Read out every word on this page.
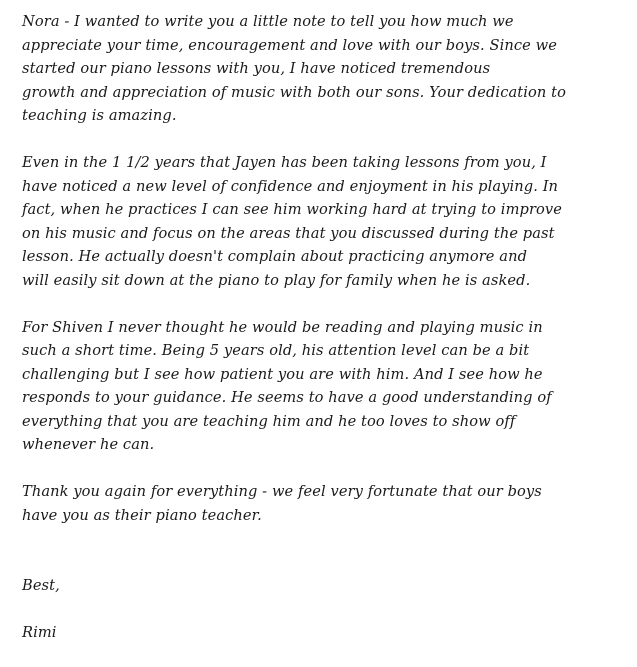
Nora - I wanted to write you a little note to tell you how much we
appreciate your time, encouragement and love with our boys. Since we
started our piano lessons with you, I have noticed tremendous
growth and appreciation of music with both our sons. Your dedication to
teaching is amazing.
Even in the 1 1/2 years that Jayen has been taking lessons from you, I
have noticed a new level of confidence and enjoyment in his playing. In
fact, when he practices I can see him working hard at trying to improve
on his music and focus on the areas that you discussed during the past
lesson. He actually doesn't complain about practicing anymore and
will easily sit down at the piano to play for family when he is asked.
For Shiven I never thought he would be reading and playing music in
such a short time. Being 5 years old, his attention level can be a bit
challenging but I see how patient you are with him. And I see how he
responds to your guidance. He seems to have a good understanding of
everything that you are teaching him and he too loves to show off
whenever he can.
Thank you again for everything - we feel very fortunate that our boys
have you as their piano teacher.
Best,
Rimi
